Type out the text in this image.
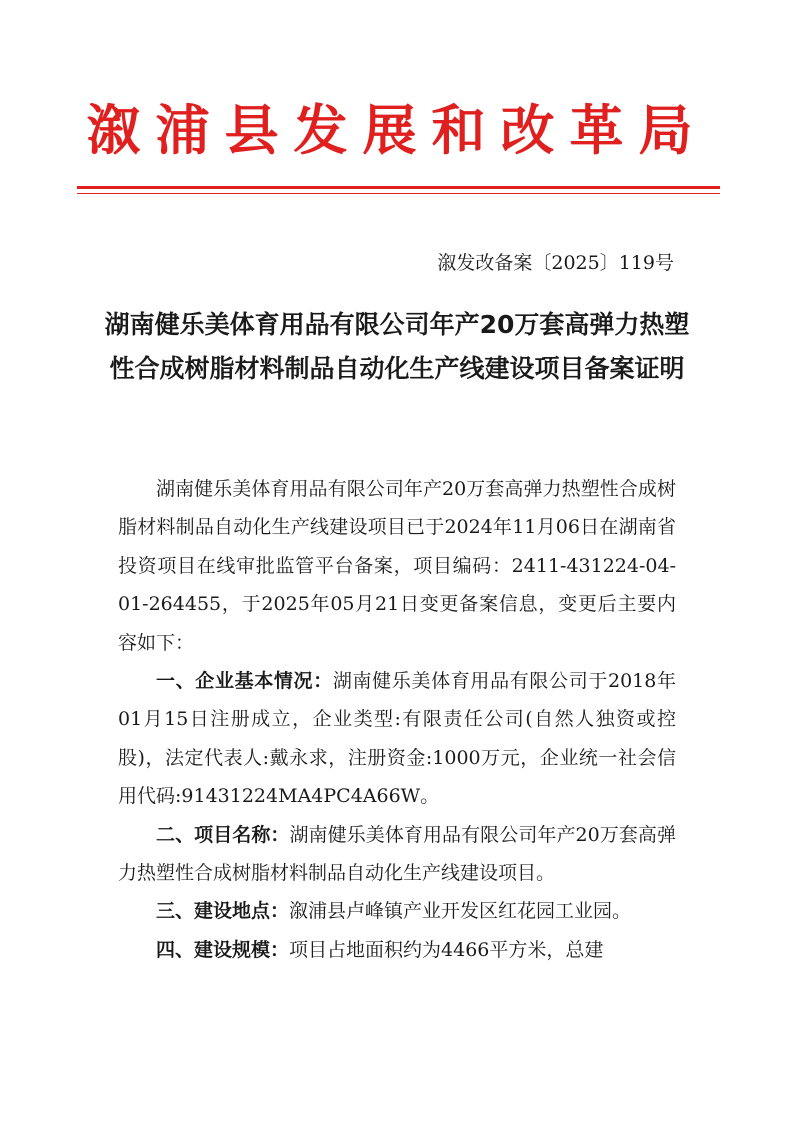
溆浦县发展和改革局
溆发改备案〔2025〕119号
湖南健乐美体育用品有限公司年产20万套高弹力热塑性合成树脂材料制品自动化生产线建设项目备案证明

湖南健乐美体育用品有限公司年产20万套高弹力热塑性合成树脂材料制品自动化生产线建设项目已于2024年11月06日在湖南省投资项目在线审批监管平台备案，项目编码：2411-431224-04-01-264455，于2025年05月21日变更备案信息，变更后主要内容如下：

一、企业基本情况：湖南健乐美体育用品有限公司于2018年01月15日注册成立，企业类型:有限责任公司(自然人独资或控股)，法定代表人:戴永求，注册资金:1000万元，企业统一社会信用代码:91431224MA4PC4A66W。

二、项目名称：湖南健乐美体育用品有限公司年产20万套高弹力热塑性合成树脂材料制品自动化生产线建设项目。

三、建设地点：溆浦县卢峰镇产业开发区红花园工业园。

四、建设规模：项目占地面积约为4466平方米，总建
